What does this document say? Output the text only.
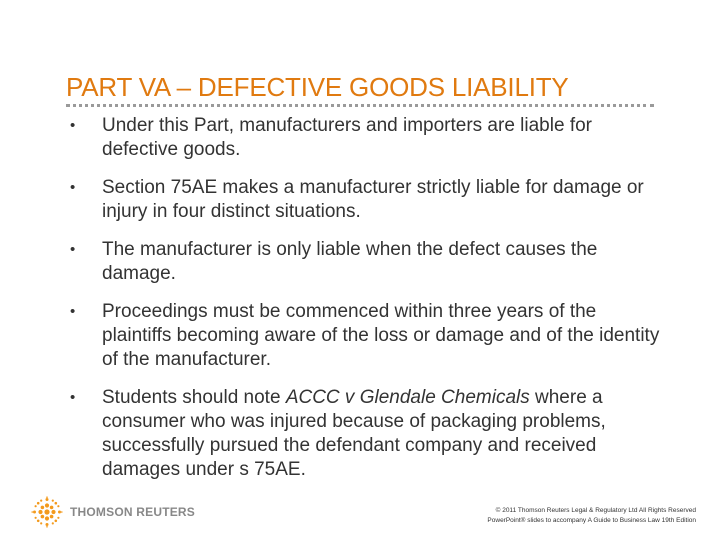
PART VA – DEFECTIVE GOODS LIABILITY
• Under this Part, manufacturers and importers are liable for defective goods.
• Section 75AE makes a manufacturer strictly liable for damage or injury in four distinct situations.
• The manufacturer is only liable when the defect causes the damage.
• Proceedings must be commenced within three years of the plaintiffs becoming aware of the loss or damage and of the identity of the manufacturer.
• Students should note ACCC v Glendale Chemicals where a consumer who was injured because of packaging problems, successfully pursued the defendant company and received damages under s 75AE.
THOMSON REUTERS	© 2011 Thomson Reuters Legal & Regulatory Ltd All Rights Reserved
PowerPoint® slides to accompany A Guide to Business Law 19th Edition
